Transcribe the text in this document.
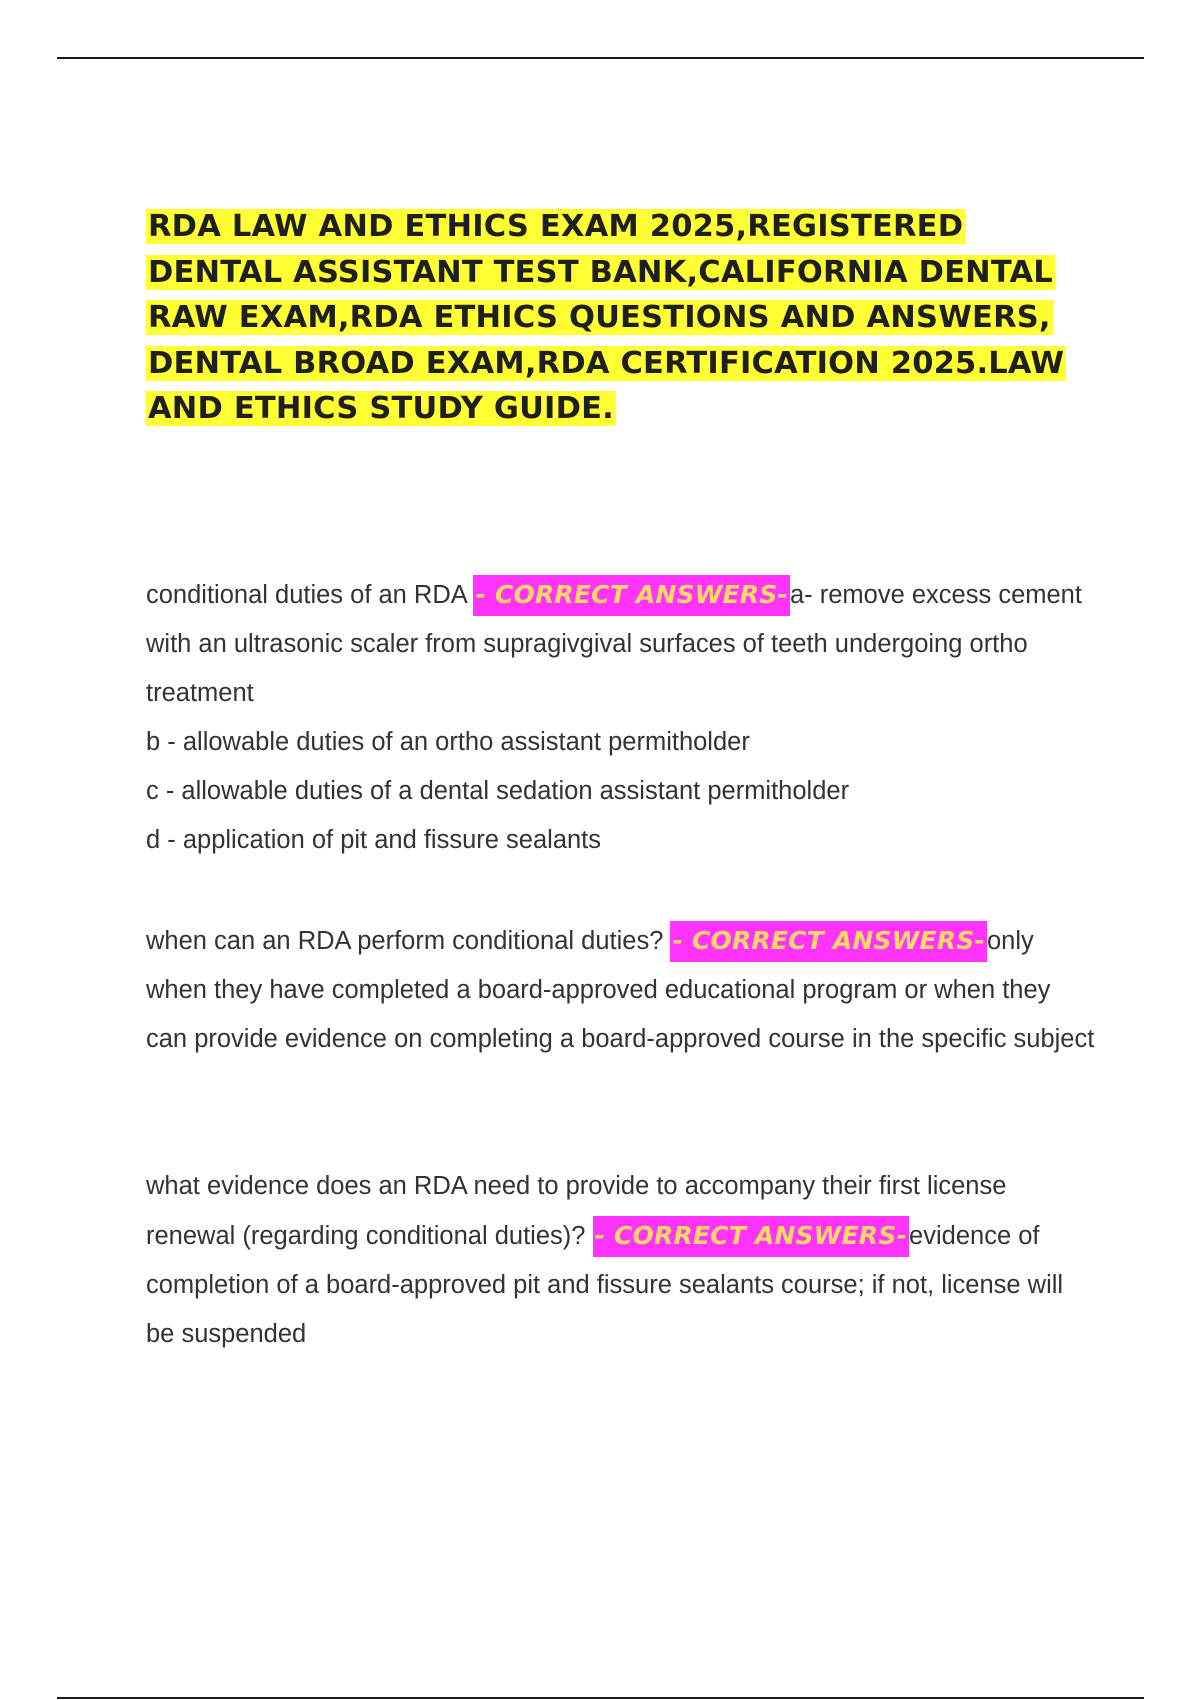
RDA LAW AND ETHICS EXAM 2025,REGISTERED DENTAL ASSISTANT TEST BANK,CALIFORNIA DENTAL RAW EXAM,RDA ETHICS QUESTIONS AND ANSWERS, DENTAL BROAD EXAM,RDA CERTIFICATION 2025.LAW AND ETHICS STUDY GUIDE.

conditional duties of an RDA - CORRECT ANSWERS-a- remove excess cement with an ultrasonic scaler from supragivgival surfaces of teeth undergoing ortho treatment

b - allowable duties of an ortho assistant permitholder

c - allowable duties of a dental sedation assistant permitholder

d - application of pit and fissure sealants

when can an RDA perform conditional duties? - CORRECT ANSWERS-only when they have completed a board-approved educational program or when they can provide evidence on completing a board-approved course in the specific subject

what evidence does an RDA need to provide to accompany their first license renewal (regarding conditional duties)? - CORRECT ANSWERS-evidence of completion of a board-approved pit and fissure sealants course; if not, license will be suspended
